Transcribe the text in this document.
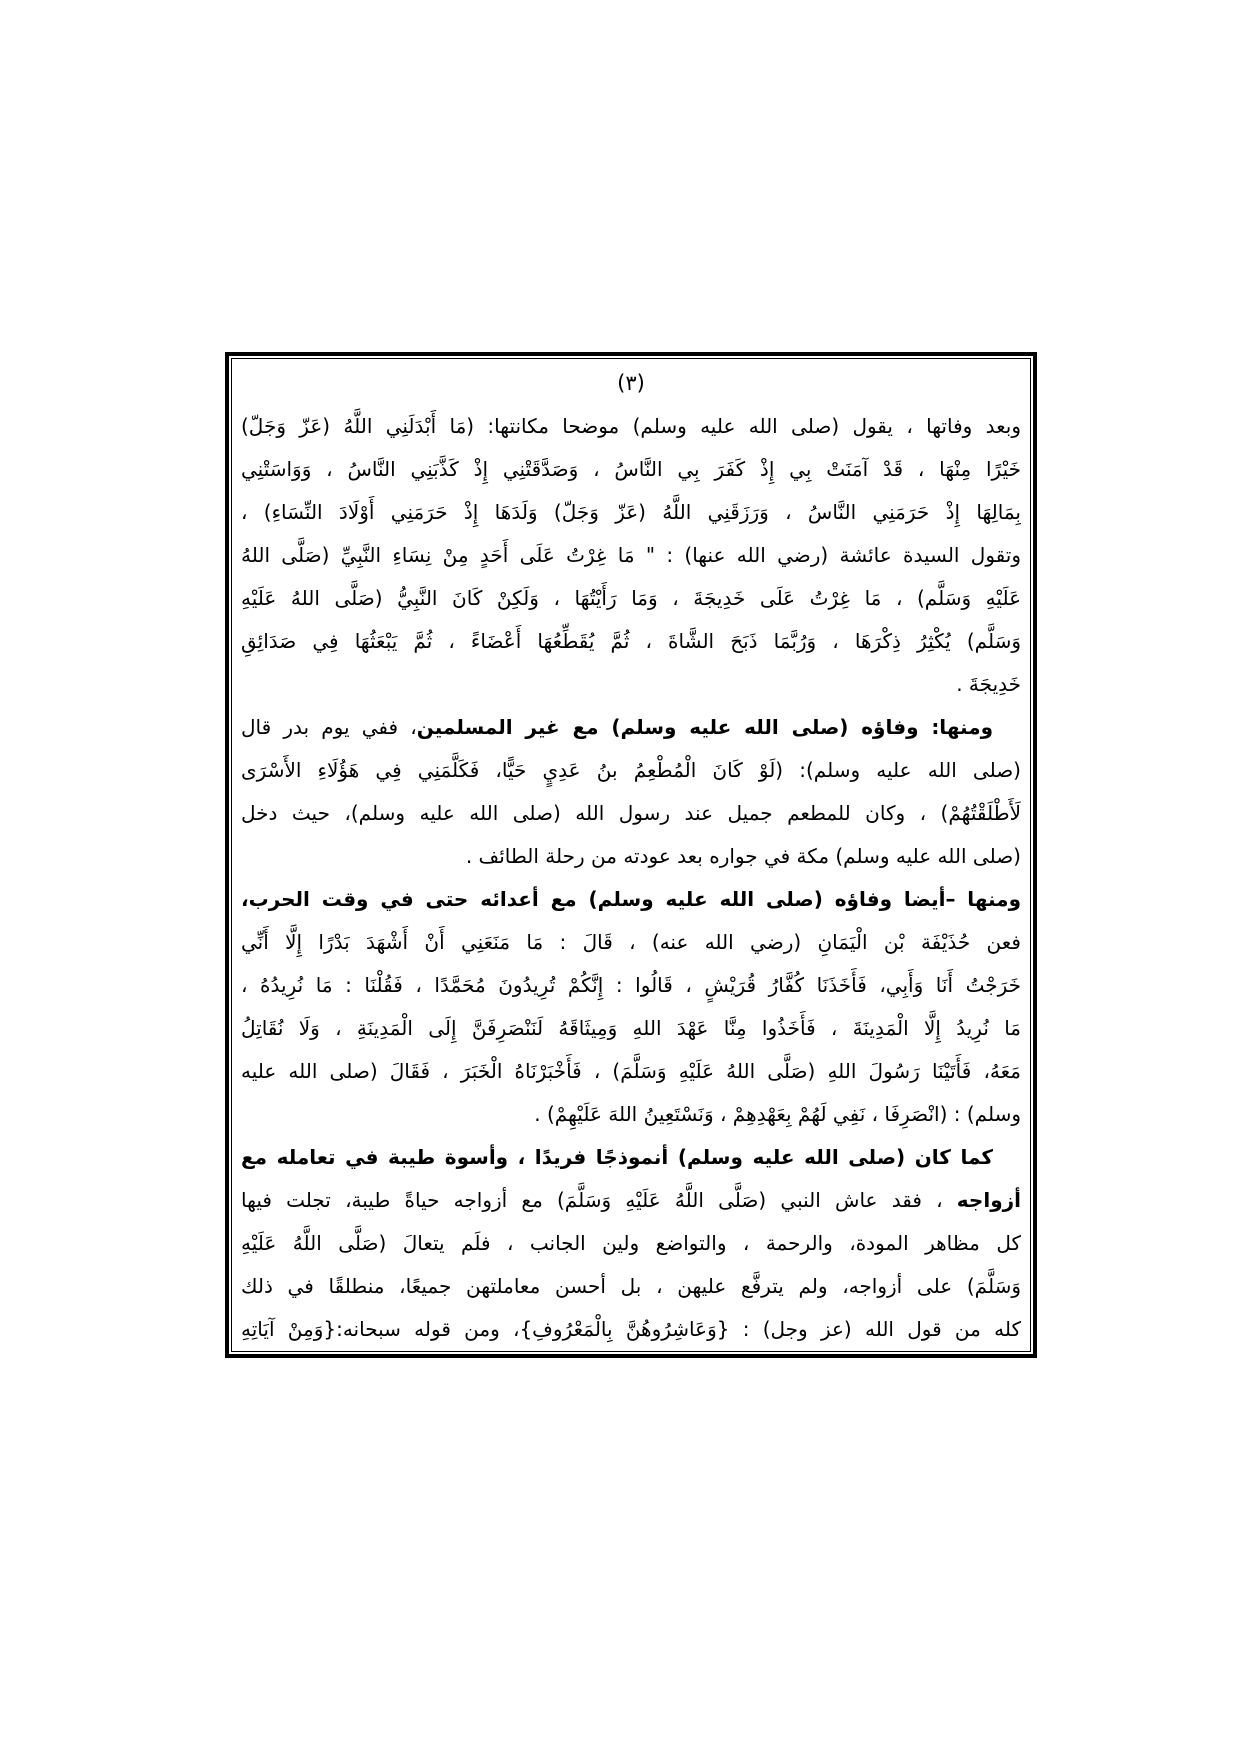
(٣)
وبعد وفاتها ، يقول (صلى الله عليه وسلم) موضحا مكانتها: (مَا أَبْدَلَنِي اللَّهُ (عَزّ وَجَلّ)
خَيْرًا مِنْهَا ، قَدْ آمَنَتْ بِي إِذْ كَفَرَ بِي النَّاسُ ، وَصَدَّقَتْنِي إِذْ كَذَّبَنِي النَّاسُ ، وَوَاسَتْنِي
بِمَالِهَا إِذْ حَرَمَنِي النَّاسُ ، وَرَزَقَنِي اللَّهُ (عَزّ وَجَلّ) وَلَدَهَا إِذْ حَرَمَنِي أَوْلَادَ النِّسَاءِ) ،
وتقول السيدة عائشة (رضي الله عنها) : " مَا غِرْتُ عَلَى أَحَدٍ مِنْ نِسَاءِ النَّبِيِّ (صَلَّى اللهُ
عَلَيْهِ وَسَلَّم) ، مَا غِرْتُ عَلَى خَدِيجَةَ ، وَمَا رَأَيْتُهَا ، وَلَكِنْ كَانَ النَّبِيُّ (صَلَّى اللهُ عَلَيْهِ
وَسَلَّم) يُكْثِرُ ذِكْرَهَا ، وَرُبَّمَا ذَبَحَ الشَّاةَ ، ثُمَّ يُقَطِّعُهَا أَعْضَاءً ، ثُمَّ يَبْعَثُهَا فِي صَدَائِقِ
خَدِيجَةَ .
ومنها: وفاؤه (صلى الله عليه وسلم) مع غير المسلمين، ففي يوم بدر قال
(صلى الله عليه وسلم): (لَوْ كَانَ الْمُطْعِمُ بنُ عَدِيٍ حَيًّا، فَكَلَّمَنِي فِي هَؤُلَاءِ الأَسْرَى
لَأَطْلَقْتُهُمْ) ، وكان للمطعم جميل عند رسول الله (صلى الله عليه وسلم)، حيث دخل
(صلى الله عليه وسلم) مكة في جواره بعد عودته من رحلة الطائف .
ومنها –أيضا وفاؤه (صلى الله عليه وسلم) مع أعدائه حتى في وقت الحرب،
فعن حُذَيْفَة بْن الْيَمَانِ (رضي الله عنه) ، قَالَ : مَا مَنَعَنِي أَنْ أَشْهَدَ بَدْرًا إِلَّا أَنِّي
خَرَجْتُ أَنَا وَأَبِي، فَأَخَذَنَا كُفَّارُ قُرَيْشٍ ، قَالُوا : إِنَّكُمْ تُرِيدُونَ مُحَمَّدًا ، فَقُلْنَا : مَا نُرِيدُهُ ،
مَا نُرِيدُ إِلَّا الْمَدِينَةَ ، فَأَخَذُوا مِنَّا عَهْدَ اللهِ وَمِيثَاقَهُ لَنَنْصَرِفَنَّ إِلَى الْمَدِينَةِ ، وَلَا نُقَاتِلُ
مَعَهُ، فَأَتَيْنَا رَسُولَ اللهِ (صَلَّى اللهُ عَلَيْهِ وَسَلَّمَ) ، فَأَخْبَرْنَاهُ الْخَبَرَ ، فَقَالَ (صلى الله عليه
وسلم) : (انْصَرِفَا ، نَفِي لَهُمْ بِعَهْدِهِمْ ، وَنَسْتَعِينُ اللهَ عَلَيْهِمْ) .
كما كان (صلى الله عليه وسلم) أنموذجًا فريدًا ، وأسوة طيبة في تعامله مع
أزواجه ، فقد عاش النبي (صَلَّى اللَّهُ عَلَيْهِ وَسَلَّمَ) مع أزواجه حياةً طيبة، تجلت فيها
كل مظاهر المودة، والرحمة ، والتواضع ولين الجانب ، فلَم يتعالَ (صَلَّى اللَّهُ عَلَيْهِ
وَسَلَّمَ) على أزواجه، ولم يترفَّع عليهن ، بل أحسن معاملتهن جميعًا، منطلقًا في ذلك
كله من قول الله (عز وجل) : {وَعَاشِرُوهُنَّ بِالْمَعْرُوفِ}، ومن قوله سبحانه:{وَمِنْ آيَاتِهِ
